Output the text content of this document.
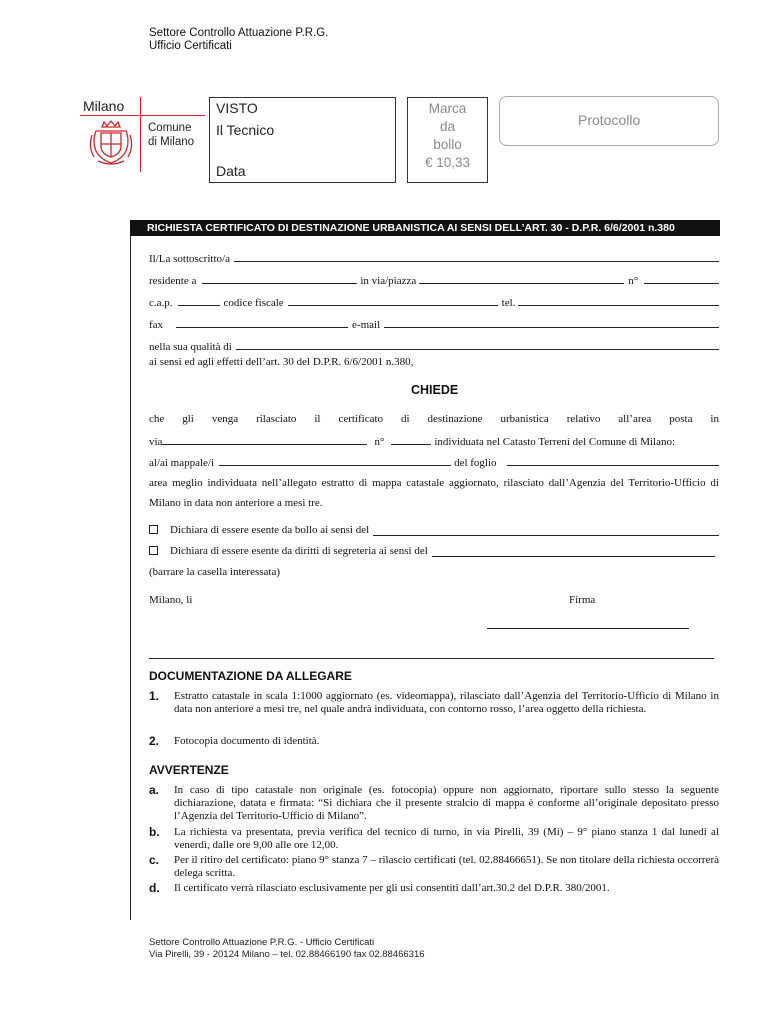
Settore Controllo Attuazione P.R.G.
Ufficio Certificati
Milano
Comune
di Milano
VISTO
Il Tecnico
Data
Marca
da
bollo
€ 10,33
Protocollo
RICHIESTA CERTIFICATO DI DESTINAZIONE URBANISTICA AI SENSI DELL’ART. 30 - D.P.R. 6/6/2001 n.380
Il/La sottoscritto/a
residente a	in via/piazza	n°
c.a.p.	codice fiscale	tel.
fax	e-mail
nella sua qualità di
ai sensi ed agli effetti dell’art. 30 del D.P.R. 6/6/2001 n.380,
CHIEDE
che gli venga rilasciato il certificato di destinazione urbanistica relativo all’area posta in
via	n°	individuata nel Catasto Terreni del Comune di Milano:
al/ai mappale/i	del foglio
area meglio individuata nell’allegato estratto di mappa catastale aggiornato, rilasciato dall’Agenzia del Territorio-Ufficio di Milano in data non anteriore a mesi tre.
Dichiara di essere esente da bollo ai sensi del
Dichiara di essere esente da diritti di segreteria ai sensi del
(barrare la casella interessata)
Milano, li	Firma
DOCUMENTAZIONE DA ALLEGARE
1. Estratto catastale in scala 1:1000 aggiornato (es. videomappa), rilasciato dall’Agenzia del Territorio-Ufficio di Milano in data non anteriore a mesi tre, nel quale andrà individuata, con contorno rosso, l’area oggetto della richiesta.
2. Fotocopia documento di identità.
AVVERTENZE
a. In caso di tipo catastale non originale (es. fotocopia) oppure non aggiornato, riportare sullo stesso la seguente dichiarazione, datata e firmata: “Si dichiara che il presente stralcio di mappa è conforme all’originale depositato presso l’Agenzia del Territorio-Ufficio di Milano”.
b. La richiesta va presentata, previa verifica del tecnico di turno, in via Pirelli, 39 (Mi) – 9° piano stanza 1 dal lunedì al venerdì, dalle ore 9,00 alle ore 12,00.
c. Per il ritiro del certificato: piano 9° stanza 7 – rilascio certificati (tel. 02.88466651). Se non titolare della richiesta occorrerà delega scritta.
d. Il certificato verrà rilasciato esclusivamente per gli usi consentiti dall’art.30.2 del D.P.R. 380/2001.
Settore Controllo Attuazione P.R.G. - Ufficio Certificati
Via Pirelli, 39 - 20124 Milano – tel. 02.88466190 fax 02.88466316
